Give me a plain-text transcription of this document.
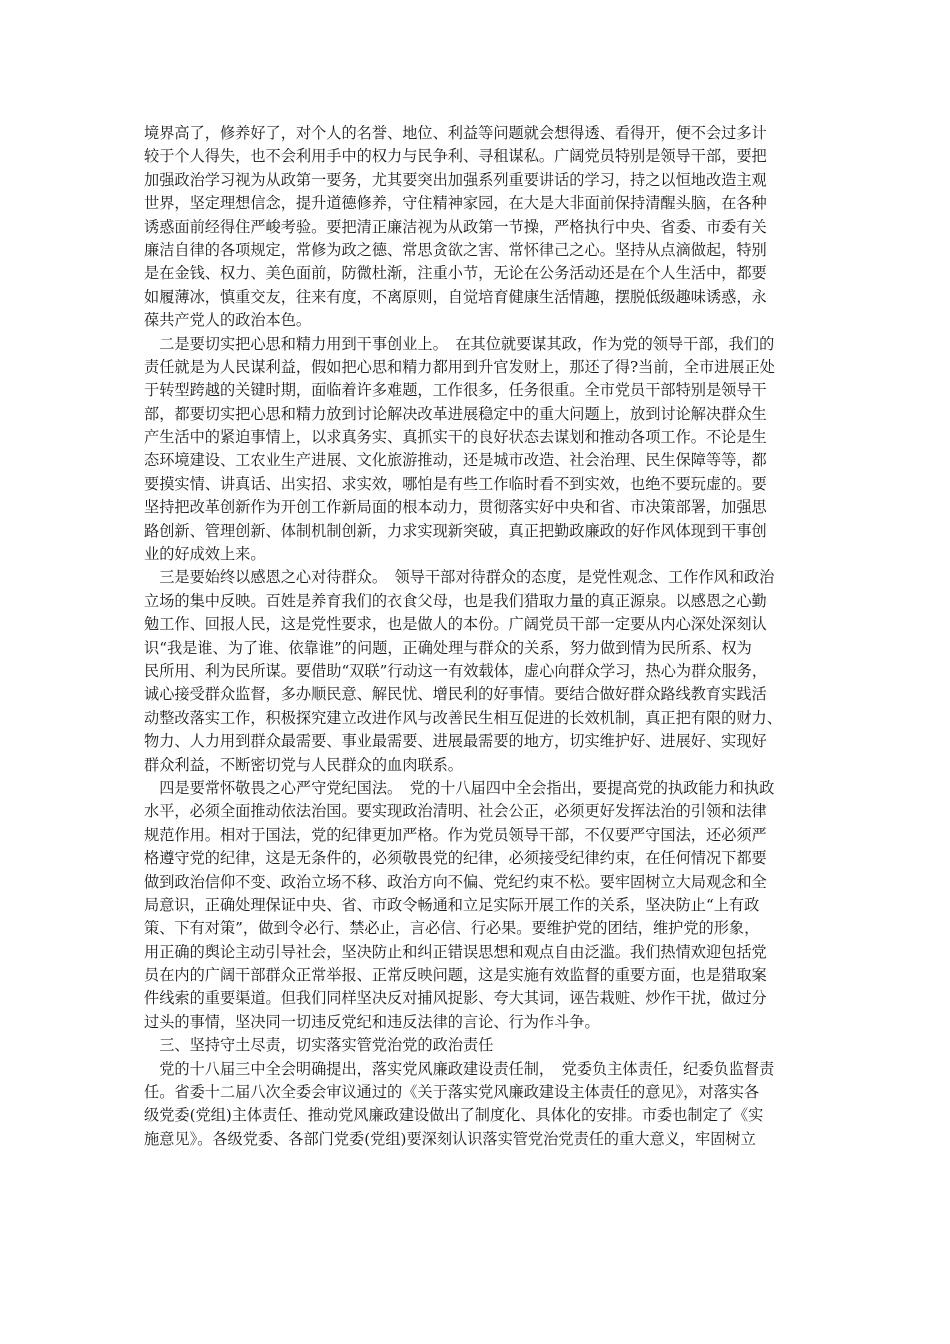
境界高了，修养好了，对个人的名誉、地位、利益等问题就会想得透、看得开，便不会过多计
较于个人得失，也不会利用手中的权力与民争利、寻租谋私。广阔党员特别是领导干部，要把
加强政治学习视为从政第一要务，尤其要突出加强系列重要讲话的学习，持之以恒地改造主观
世界，坚定理想信念，提升道德修养，守住精神家园，在大是大非面前保持清醒头脑，在各种
诱惑面前经得住严峻考验。要把清正廉洁视为从政第一节操，严格执行中央、省委、市委有关
廉洁自律的各项规定，常修为政之德、常思贪欲之害、常怀律己之心。坚持从点滴做起，特别
是在金钱、权力、美色面前，防微杜渐，注重小节，无论在公务活动还是在个人生活中，都要
如履薄冰，慎重交友，往来有度，不离原则，自觉培育健康生活情趣，摆脱低级趣味诱惑，永
葆共产党人的政治本色。
　二是要切实把心思和精力用到干事创业上。　在其位就要谋其政，作为党的领导干部，我们的
责任就是为人民谋利益，假如把心思和精力都用到升官发财上，那还了得?当前，全市进展正处
于转型跨越的关键时期，面临着许多难题，工作很多，任务很重。全市党员干部特别是领导干
部，都要切实把心思和精力放到讨论解决改革进展稳定中的重大问题上，放到讨论解决群众生
产生活中的紧迫事情上，以求真务实、真抓实干的良好状态去谋划和推动各项工作。不论是生
态环境建设、工农业生产进展、文化旅游推动，还是城市改造、社会治理、民生保障等等，都
要摸实情、讲真话、出实招、求实效，哪怕是有些工作临时看不到实效，也绝不要玩虚的。要
坚持把改革创新作为开创工作新局面的根本动力，贯彻落实好中央和省、市决策部署，加强思
路创新、管理创新、体制机制创新，力求实现新突破，真正把勤政廉政的好作风体现到干事创
业的好成效上来。
　三是要始终以感恩之心对待群众。　领导干部对待群众的态度，是党性观念、工作作风和政治
立场的集中反映。百姓是养育我们的衣食父母，也是我们猎取力量的真正源泉。以感恩之心勤
勉工作、回报人民，这是党性要求，也是做人的本份。广阔党员干部一定要从内心深处深刻认
识“我是谁、为了谁、依靠谁”的问题，正确处理与群众的关系，努力做到情为民所系、权为
民所用、利为民所谋。要借助“双联”行动这一有效载体，虚心向群众学习，热心为群众服务，
诚心接受群众监督，多办顺民意、解民忧、增民利的好事情。要结合做好群众路线教育实践活
动整改落实工作，积极探究建立改进作风与改善民生相互促进的长效机制，真正把有限的财力、
物力、人力用到群众最需要、事业最需要、进展最需要的地方，切实维护好、进展好、实现好
群众利益，不断密切党与人民群众的血肉联系。
　四是要常怀敬畏之心严守党纪国法。　党的十八届四中全会指出，要提高党的执政能力和执政
水平，必须全面推动依法治国。要实现政治清明、社会公正，必须更好发挥法治的引领和法律
规范作用。相对于国法，党的纪律更加严格。作为党员领导干部，不仅要严守国法，还必须严
格遵守党的纪律，这是无条件的，必须敬畏党的纪律，必须接受纪律约束，在任何情况下都要
做到政治信仰不变、政治立场不移、政治方向不偏、党纪约束不松。要牢固树立大局观念和全
局意识，正确处理保证中央、省、市政令畅通和立足实际开展工作的关系，坚决防止“上有政
策、下有对策”，做到令必行、禁必止，言必信、行必果。要维护党的团结，维护党的形象，
用正确的舆论主动引导社会，坚决防止和纠正错误思想和观点自由泛滥。我们热情欢迎包括党
员在内的广阔干部群众正常举报、正常反映问题，这是实施有效监督的重要方面，也是猎取案
件线索的重要渠道。但我们同样坚决反对捕风捉影、夸大其词，诬告栽赃、炒作干扰，做过分
过头的事情，坚决同一切违反党纪和违反法律的言论、行为作斗争。
　三、坚持守土尽责，切实落实管党治党的政治责任
　党的十八届三中全会明确提出，落实党风廉政建设责任制，　党委负主体责任，纪委负监督责
任。省委十二届八次全委会审议通过的《关于落实党风廉政建设主体责任的意见》，对落实各
级党委(党组)主体责任、推动党风廉政建设做出了制度化、具体化的安排。市委也制定了《实
施意见》。各级党委、各部门党委(党组)要深刻认识落实管党治党责任的重大意义，牢固树立
